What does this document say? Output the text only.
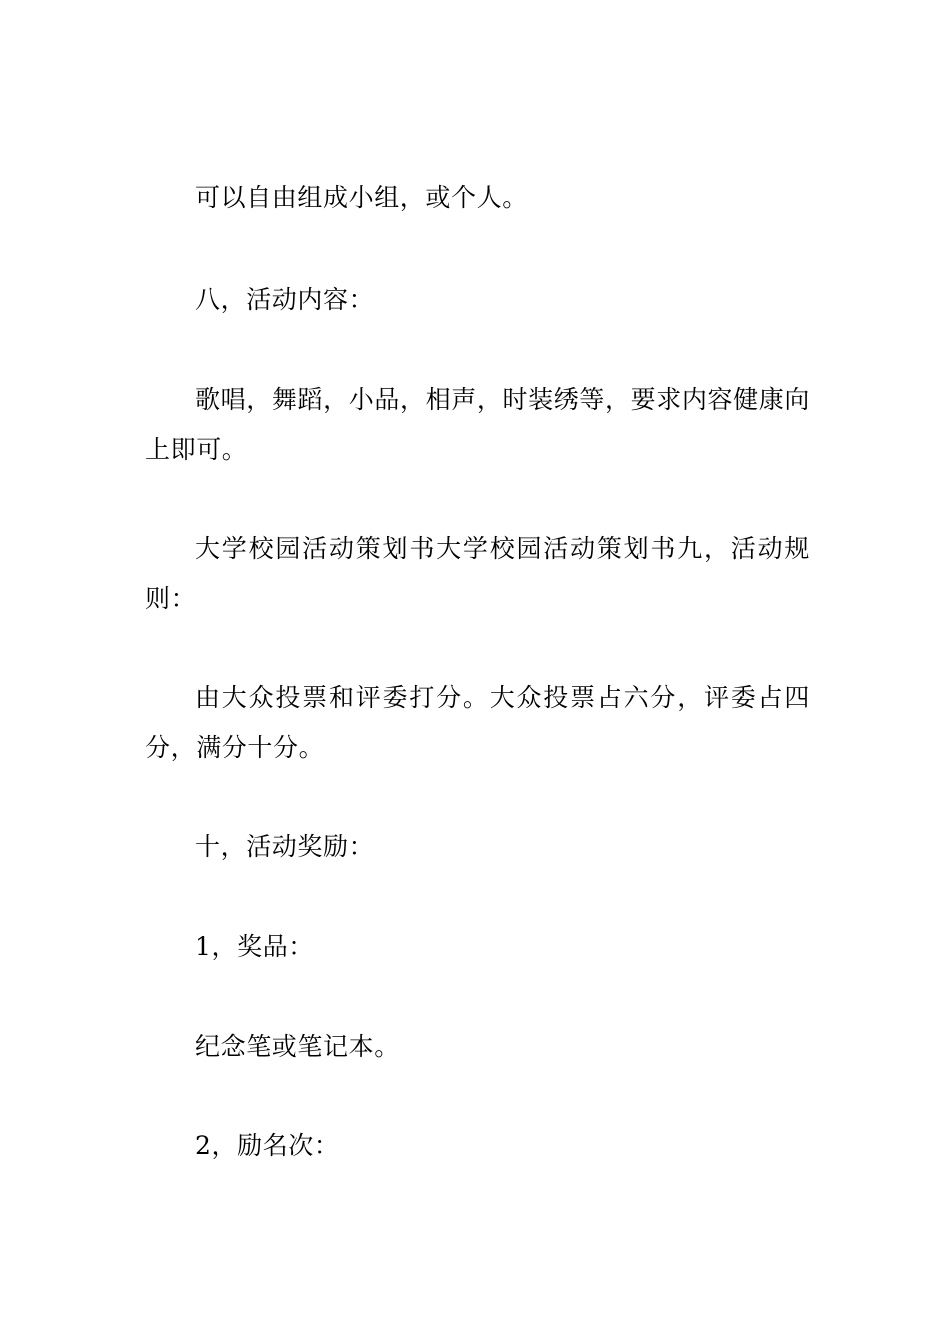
可以自由组成小组，或个人。

八，活动内容：

歌唱，舞蹈，小品，相声，时装绣等，要求内容健康向上即可。

大学校园活动策划书大学校园活动策划书九，活动规则：

由大众投票和评委打分。大众投票占六分，评委占四分，满分十分。

十，活动奖励：

1，奖品：

纪念笔或笔记本。

2，励名次：
